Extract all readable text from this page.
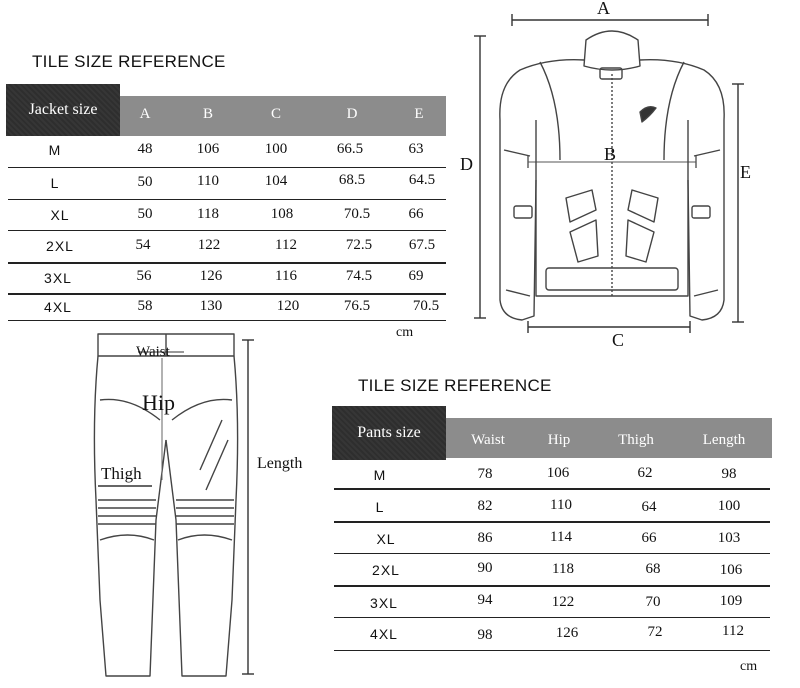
TILE SIZE REFERENCE
Jacket size	A	B	C	D	E
M	48	106	100	66.5	63
L	50	110	104	68.5	64.5
XL	50	118	108	70.5	66
2XL	54	122	112	72.5	67.5
3XL	56	126	116	74.5	69
4XL	58	130	120	76.5	70.5
cm
A
B
C
D	E
Waist
Hip
Thigh
Length
TILE SIZE REFERENCE
Pants size	Waist	Hip	Thigh	Length
M	78	106	62	98
L	82	110	64	100
XL	86	114	66	103
2XL	90	118	68	106
3XL	94	122	70	109
4XL	98	126	72	112
cm
